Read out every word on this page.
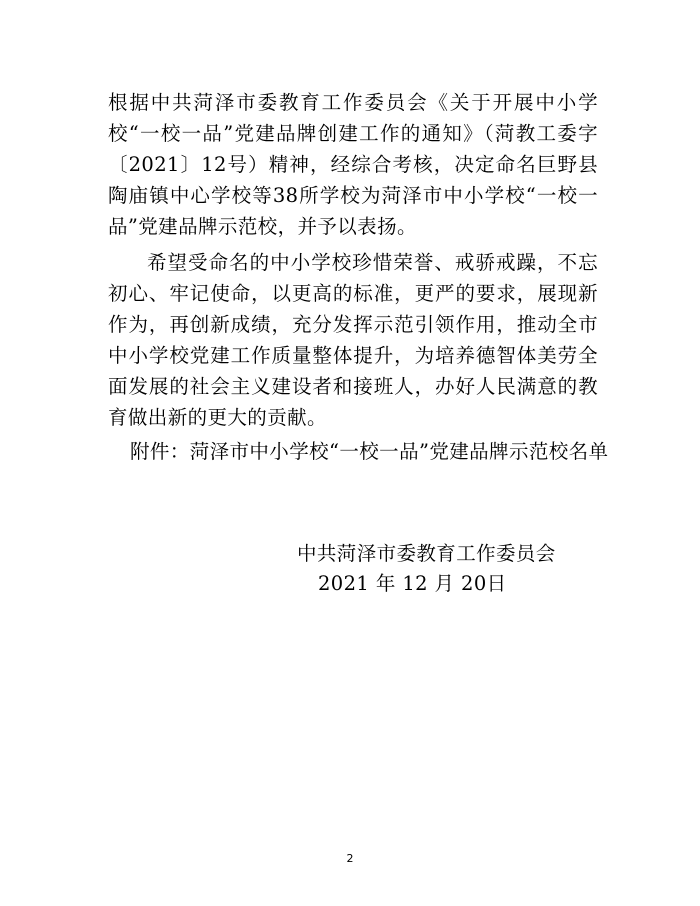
根据中共菏泽市委教育工作委员会《关于开展中小学校“一校一品”党建品牌创建工作的通知》（菏教工委字〔2021〕12号）精神，经综合考核，决定命名巨野县陶庙镇中心学校等38所学校为菏泽市中小学校“一校一品”党建品牌示范校，并予以表扬。

希望受命名的中小学校珍惜荣誉、戒骄戒躁，不忘初心、牢记使命，以更高的标准，更严的要求，展现新作为，再创新成绩，充分发挥示范引领作用，推动全市中小学校党建工作质量整体提升，为培养德智体美劳全面发展的社会主义建设者和接班人，办好人民满意的教育做出新的更大的贡献。

附件：菏泽市中小学校“一校一品”党建品牌示范校名单

中共菏泽市委教育工作委员会

2021 年 12 月 20日

2
